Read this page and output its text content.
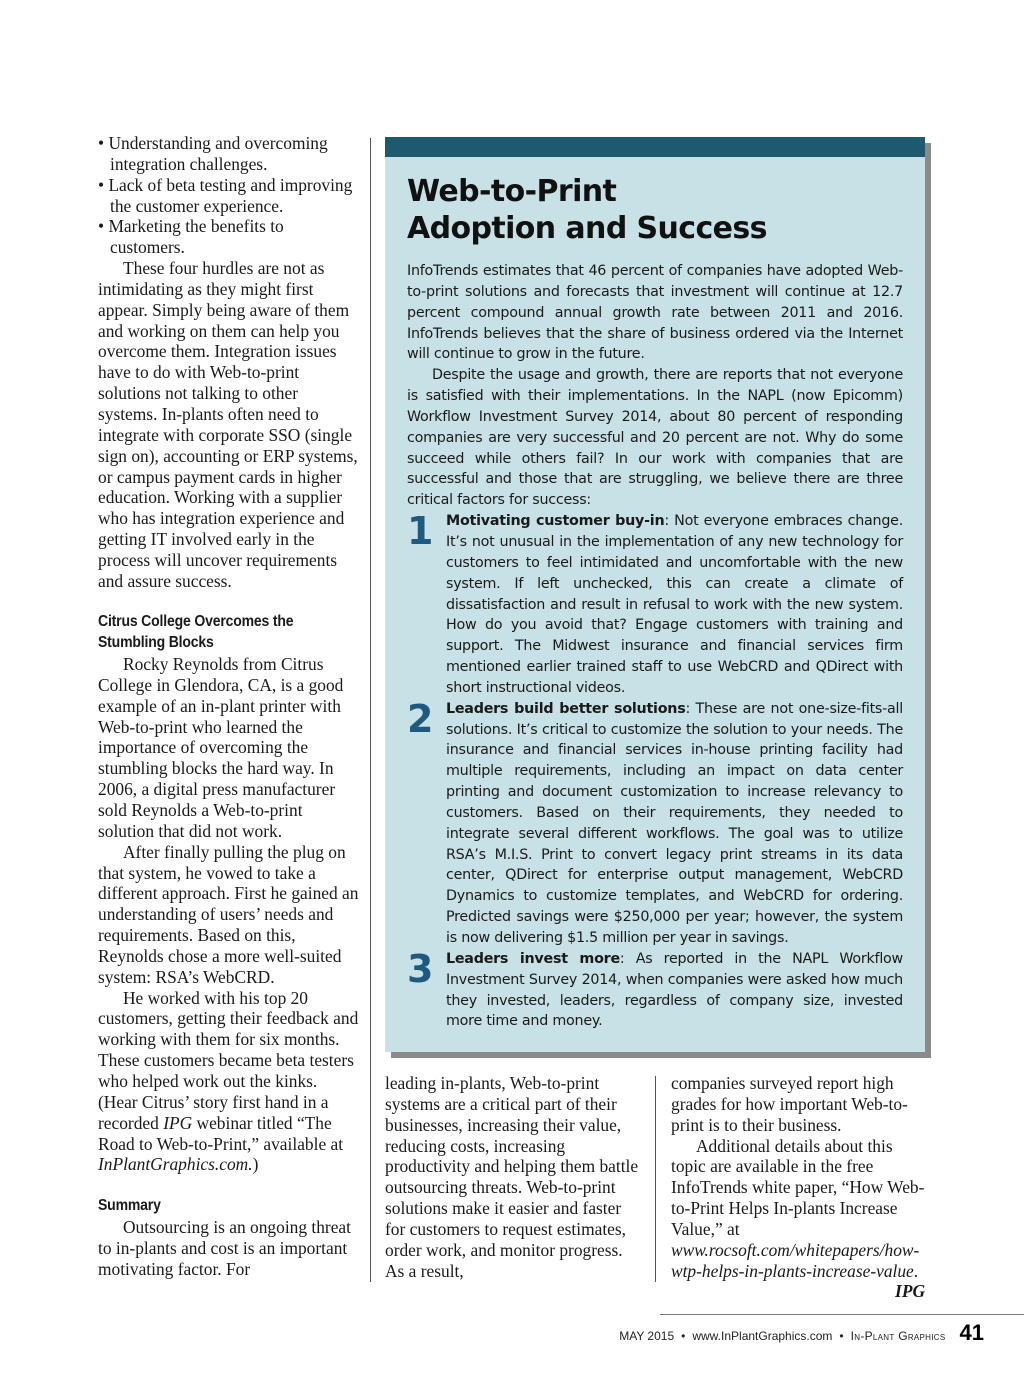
• Understanding and overcoming integration challenges.
• Lack of beta testing and improving the customer experience.
• Marketing the benefits to customers.
These four hurdles are not as intimidating as they might first appear. Simply being aware of them and working on them can help you overcome them. Integration issues have to do with Web-to-print solutions not talking to other systems. In-plants often need to integrate with corporate SSO (single sign on), accounting or ERP systems, or campus payment cards in higher education. Working with a supplier who has integration experience and getting IT involved early in the process will uncover requirements and assure success.
Citrus College Overcomes the
Stumbling Blocks
Rocky Reynolds from Citrus College in Glendora, CA, is a good example of an in-plant printer with Web-to-print who learned the importance of overcoming the stumbling blocks the hard way. In 2006, a digital press manufacturer sold Reynolds a Web-to-print solution that did not work.
After finally pulling the plug on that system, he vowed to take a different approach. First he gained an understanding of users’ needs and requirements. Based on this, Reynolds chose a more well-suited system: RSA’s WebCRD.
He worked with his top 20 customers, getting their feedback and working with them for six months. These customers became beta testers who helped work out the kinks. (Hear Citrus’ story first hand in a recorded IPG webinar titled “The Road to Web-to-Print,” available at InPlantGraphics.com.)
Summary
Outsourcing is an ongoing threat to in-plants and cost is an important motivating factor. For
Web-to-Print
Adoption and Success

InfoTrends estimates that 46 percent of companies have adopted Web-to-print solutions and forecasts that investment will continue at 12.7 percent compound annual growth rate between 2011 and 2016. InfoTrends believes that the share of business ordered via the Internet will continue to grow in the future.

Despite the usage and growth, there are reports that not everyone is satisfied with their implementations. In the NAPL (now Epicomm) Workflow Investment Survey 2014, about 80 percent of responding companies are very successful and 20 percent are not. Why do some succeed while others fail? In our work with companies that are successful and those that are struggling, we believe there are three critical factors for success:

1 Motivating customer buy-in: Not everyone embraces change. It’s not unusual in the implementation of any new technology for customers to feel intimidated and uncomfortable with the new system. If left unchecked, this can create a climate of dissatisfaction and result in refusal to work with the new system. How do you avoid that? Engage customers with training and support. The Midwest insurance and financial services firm mentioned earlier trained staff to use WebCRD and QDirect with short instructional videos.
2 Leaders build better solutions: These are not one-size-fits-all solutions. It’s critical to customize the solution to your needs. The insurance and financial services in-house printing facility had multiple requirements, including an impact on data center printing and document customization to increase relevancy to customers. Based on their requirements, they needed to integrate several different workflows. The goal was to utilize RSA’s M.I.S. Print to convert legacy print streams in its data center, QDirect for enterprise output management, WebCRD Dynamics to customize templates, and WebCRD for ordering. Predicted savings were $250,000 per year; however, the system is now delivering $1.5 million per year in savings.
3 Leaders invest more: As reported in the NAPL Workflow Investment Survey 2014, when companies were asked how much they invested, leaders, regardless of company size, invested more time and money.
leading in-plants, Web-to-print systems are a critical part of their businesses, increasing their value, reducing costs, increasing productivity and helping them battle outsourcing threats. Web-to-print solutions make it easier and faster for customers to request estimates, order work, and monitor progress. As a result,
companies surveyed report high grades for how important Web-to-print is to their business.
Additional details about this topic are available in the free InfoTrends white paper, “How Web-to-Print Helps In-plants Increase Value,” at www.rocsoft.com/whitepapers/how-wtp-helps-in-plants-increase-value.
IPG
MAY 2015 • www.InPlantGraphics.com • In-Plant Graphics 41
